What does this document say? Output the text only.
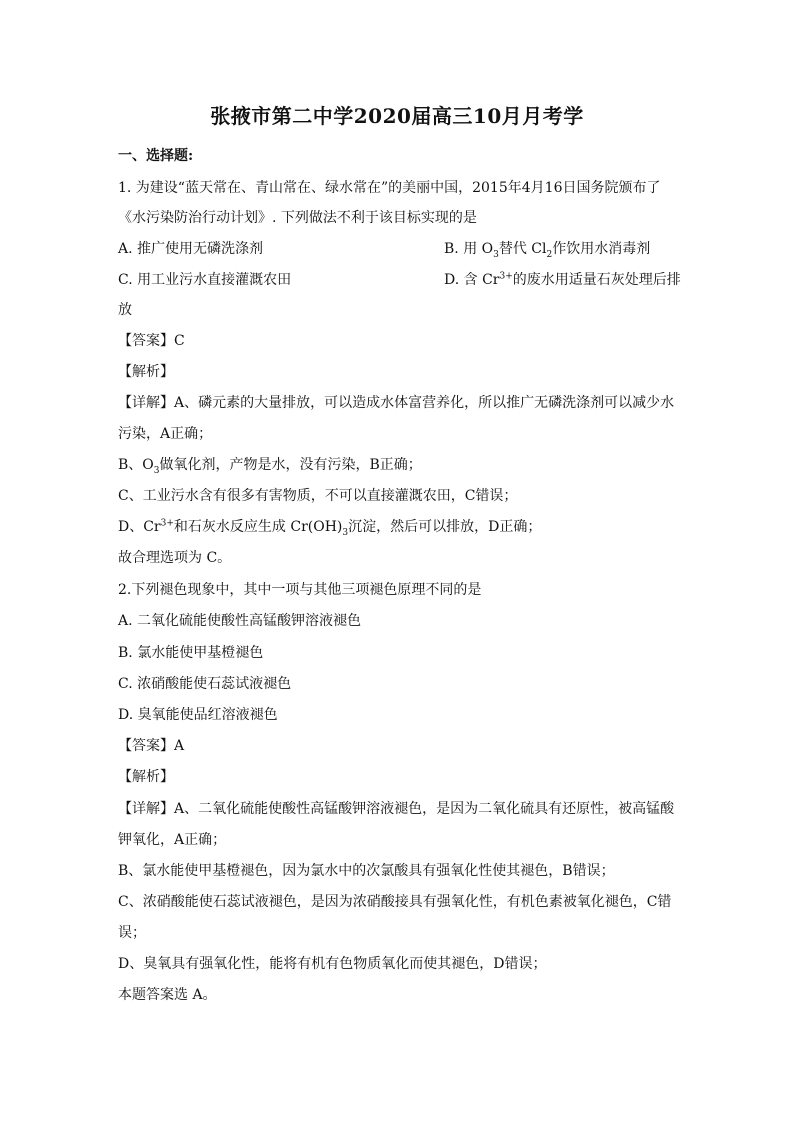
张掖市第二中学2020届高三10月月考学
一、选择题:
1. 为建设“蓝天常在、青山常在、绿水常在”的美丽中国，2015年4月16日国务院颁布了
《水污染防治行动计划》. 下列做法不利于该目标实现的是
A. 推广使用无磷洗涤剂	B. 用 $O_3$替代 $Cl_2$作饮用水消毒剂
C. 用工业污水直接灌溉农田	D. 含 $Cr^{3+}$的废水用适量石灰处理后排
放
【答案】C
【解析】
【详解】A、磷元素的大量排放，可以造成水体富营养化，所以推广无磷洗涤剂可以减少水
污染，A正确；
B、$O_3$做氧化剂，产物是水，没有污染，B正确；
C、工业污水含有很多有害物质，不可以直接灌溉农田，C错误；
D、$Cr^{3+}$和石灰水反应生成 $Cr(OH)_3$沉淀，然后可以排放，D正确；
故合理选项为 C。
2.下列褪色现象中，其中一项与其他三项褪色原理不同的是
A. 二氧化硫能使酸性高锰酸钾溶液褪色
B. 氯水能使甲基橙褪色
C. 浓硝酸能使石蕊试液褪色
D. 臭氧能使品红溶液褪色
【答案】A
【解析】
【详解】A、二氧化硫能使酸性高锰酸钾溶液褪色，是因为二氧化硫具有还原性，被高锰酸
钾氧化，A正确；
B、氯水能使甲基橙褪色，因为氯水中的次氯酸具有强氧化性使其褪色，B错误；
C、浓硝酸能使石蕊试液褪色，是因为浓硝酸接具有强氧化性，有机色素被氧化褪色，C错
误；
D、臭氧具有强氧化性，能将有机有色物质氧化而使其褪色，D错误；
本题答案选 A。
